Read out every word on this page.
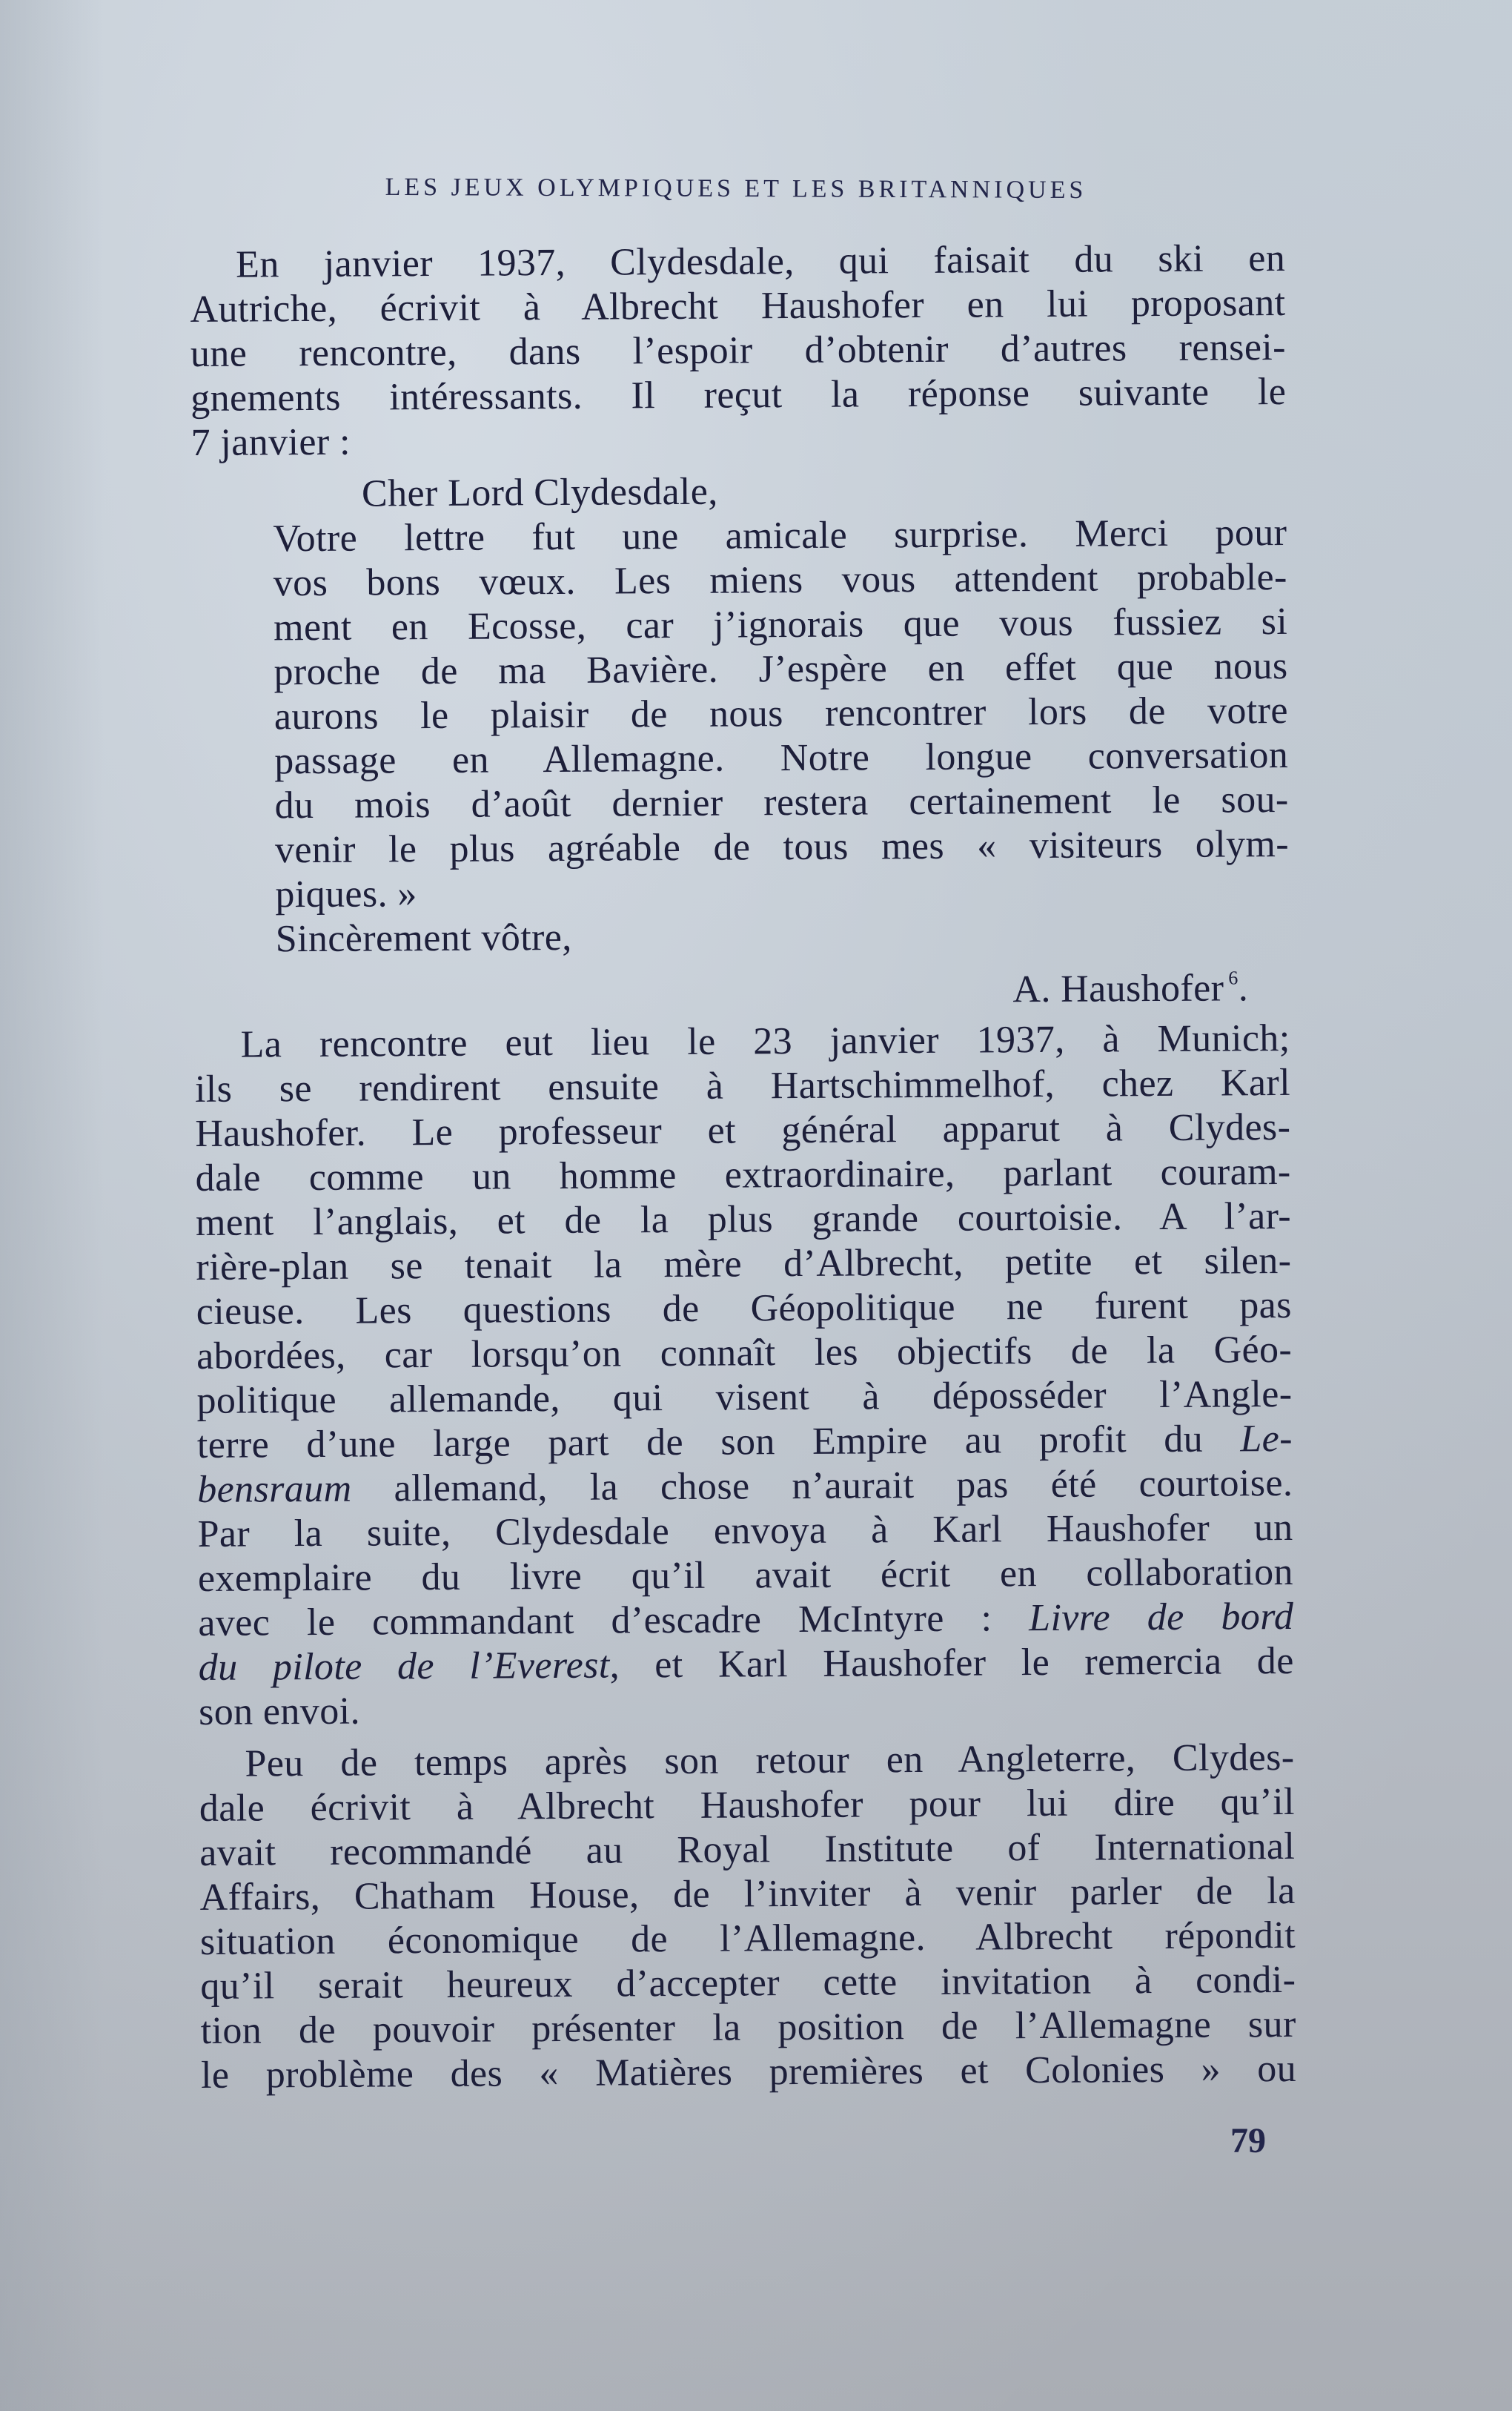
LES JEUX OLYMPIQUES ET LES BRITANNIQUES
En janvier 1937, Clydesdale, qui faisait du ski en
Autriche, écrivit à Albrecht Haushofer en lui proposant
une rencontre, dans l’espoir d’obtenir d’autres rensei-
gnements intéressants. Il reçut la réponse suivante le
7 janvier :
Cher Lord Clydesdale,
Votre lettre fut une amicale surprise. Merci pour
vos bons vœux. Les miens vous attendent probable-
ment en Ecosse, car j’ignorais que vous fussiez si
proche de ma Bavière. J’espère en effet que nous
aurons le plaisir de nous rencontrer lors de votre
passage en Allemagne. Notre longue conversation
du mois d’août dernier restera certainement le sou-
venir le plus agréable de tous mes « visiteurs olym-
piques. »
Sincèrement vôtre,
A. Haushofer $^6$.
La rencontre eut lieu le 23 janvier 1937, à Munich;
ils se rendirent ensuite à Hartschimmelhof, chez Karl
Haushofer. Le professeur et général apparut à Clydes-
dale comme un homme extraordinaire, parlant couram-
ment l’anglais, et de la plus grande courtoisie. A l’ar-
rière-plan se tenait la mère d’Albrecht, petite et silen-
cieuse. Les questions de Géopolitique ne furent pas
abordées, car lorsqu’on connaît les objectifs de la Géo-
politique allemande, qui visent à déposséder l’Angle-
terre d’une large part de son Empire au profit du Le-
bensraum allemand, la chose n’aurait pas été courtoise.
Par la suite, Clydesdale envoya à Karl Haushofer un
exemplaire du livre qu’il avait écrit en collaboration
avec le commandant d’escadre McIntyre : Livre de bord
du pilote de l’Everest, et Karl Haushofer le remercia de
son envoi.
Peu de temps après son retour en Angleterre, Clydes-
dale écrivit à Albrecht Haushofer pour lui dire qu’il
avait recommandé au Royal Institute of International
Affairs, Chatham House, de l’inviter à venir parler de la
situation économique de l’Allemagne. Albrecht répondit
qu’il serait heureux d’accepter cette invitation à condi-
tion de pouvoir présenter la position de l’Allemagne sur
le problème des « Matières premières et Colonies » ou
79
